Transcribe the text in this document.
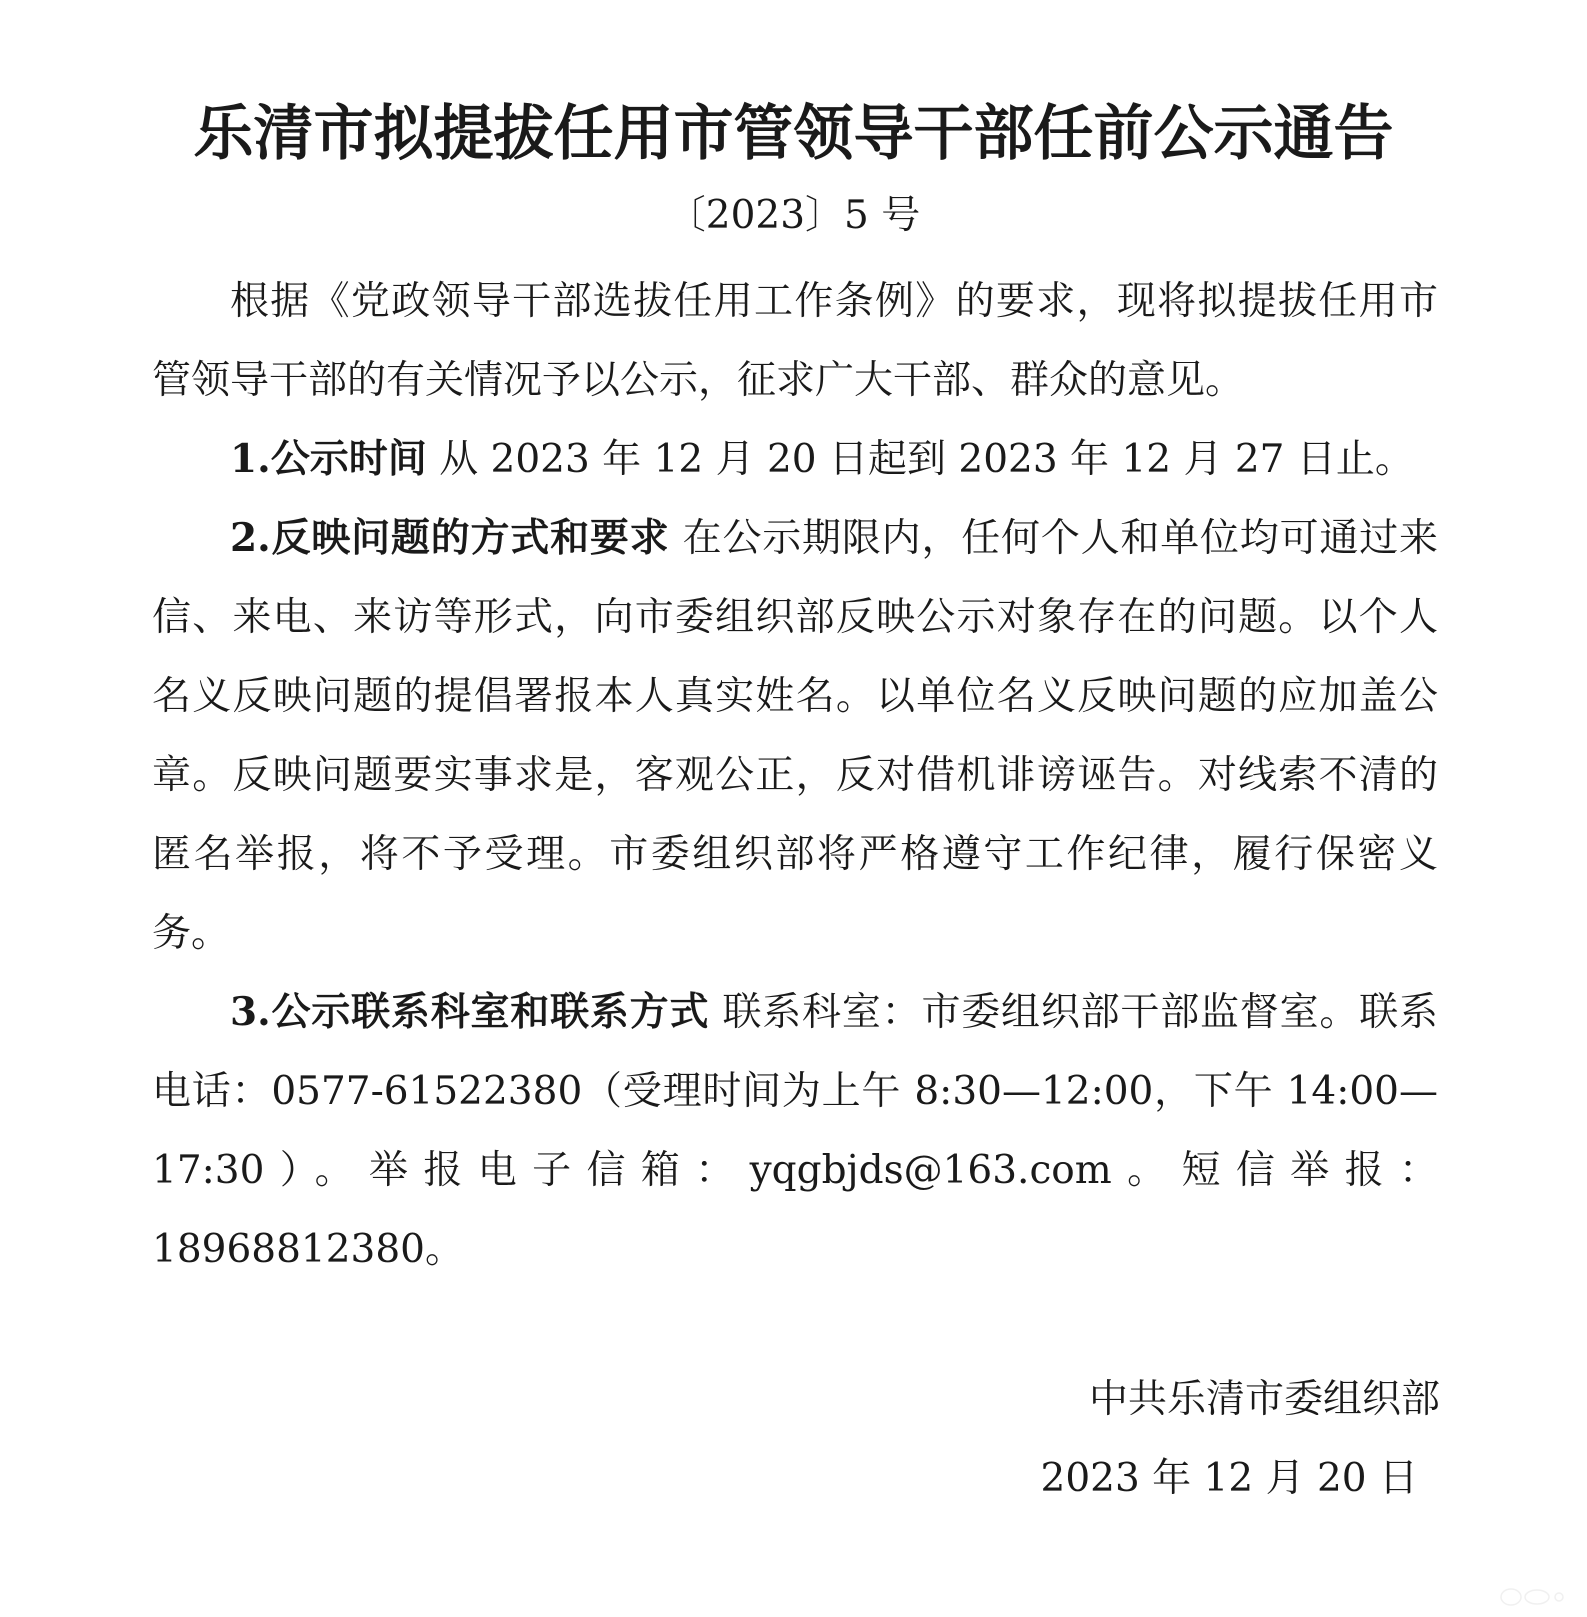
乐清市拟提拔任用市管领导干部任前公示通告
〔2023〕5 号

根据《党政领导干部选拔任用工作条例》的要求，现将拟提拔任用市管领导干部的有关情况予以公示，征求广大干部、群众的意见。

1.公示时间 从 2023 年 12 月 20 日起到 2023 年 12 月 27 日止。

2.反映问题的方式和要求 在公示期限内，任何个人和单位均可通过来信、来电、来访等形式，向市委组织部反映公示对象存在的问题。以个人名义反映问题的提倡署报本人真实姓名。以单位名义反映问题的应加盖公章。反映问题要实事求是，客观公正，反对借机诽谤诬告。对线索不清的匿名举报，将不予受理。市委组织部将严格遵守工作纪律，履行保密义务。

3.公示联系科室和联系方式 联系科室：市委组织部干部监督室。联系电话：0577-61522380（受理时间为上午 8:30—12:00，下午 14:00—17:30）。举报电子信箱：yqgbjds@163.com。短信举报：18968812380。

中共乐清市委组织部
2023 年 12 月 20 日
